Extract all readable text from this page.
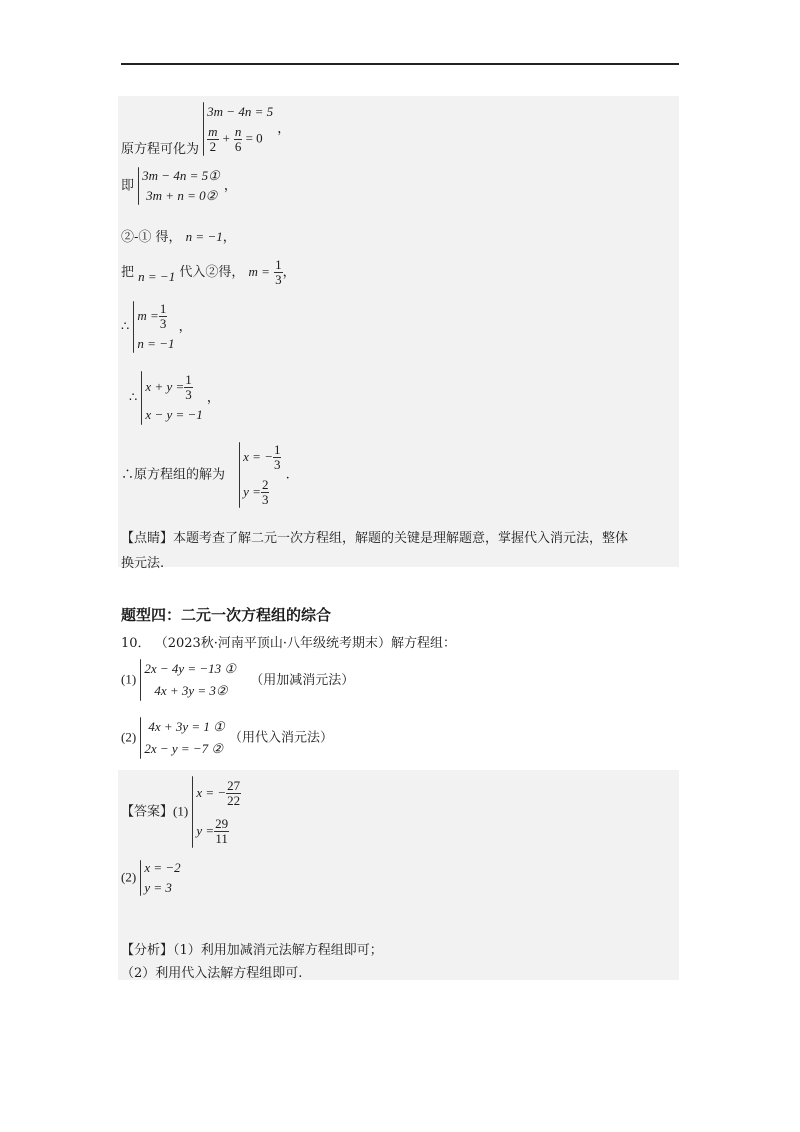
原方程可化为
3m − 4n = 5
$\frac{m}{2} + \frac{n}{6} = 0$
，
即
3m − 4n = 5①
3m + n = 0②
，
②-① 得， n = −1，
把 n = −1 代入②得， $m = \frac{1}{3}$ ，
∴
$m = \frac{1}{3}$
n = −1
，
∴
$x + y = \frac{1}{3}$
x − y = −1
，
∴原方程组的解为
x = − $\frac{1}{3}$
$y = \frac{2}{3}$
.
【点睛】本题考查了解二元一次方程组，解题的关键是理解题意，掌握代入消元法，整体
换元法.
题型四：二元一次方程组的综合
10． （2023秋·河南平顶山·八年级统考期末）解方程组：
(1)
2x − 4y = −13 ①
4x + 3y = 3②
（用加减消元法）
(2)
4x + 3y = 1 ①
2x − y = −7 ②
（用代入消元法）
【答案】(1)
x = − $\frac{27}{22}$
$y = \frac{29}{11}$
(2)
x = −2
y = 3
【分析】（1）利用加减消元法解方程组即可；
（2）利用代入法解方程组即可.
